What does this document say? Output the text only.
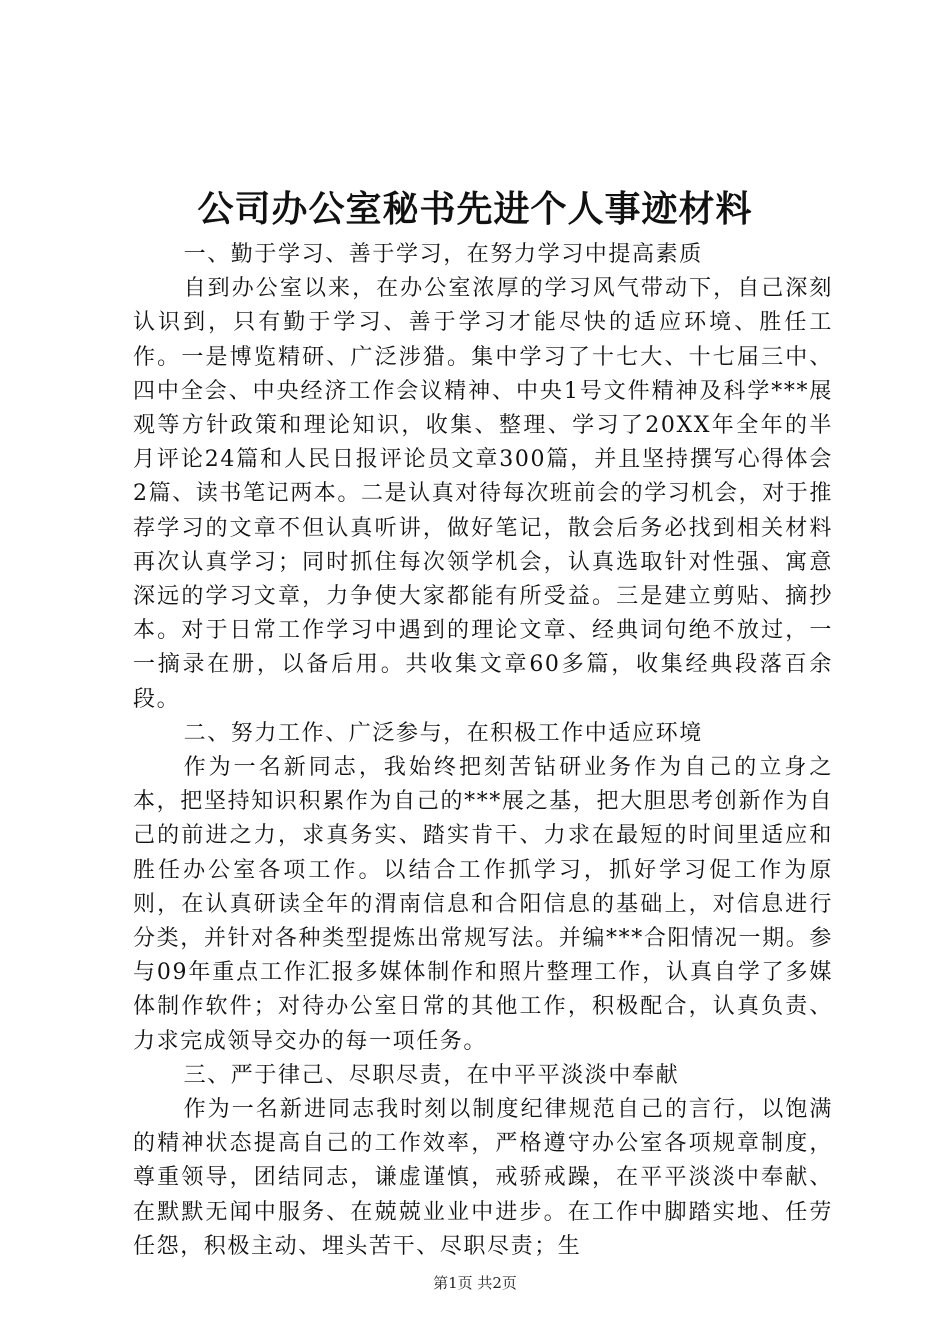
公司办公室秘书先进个人事迹材料

一、勤于学习、善于学习，在努力学习中提高素质

自到办公室以来，在办公室浓厚的学习风气带动下，自己深刻认识到，只有勤于学习、善于学习才能尽快的适应环境、胜任工作。一是博览精研、广泛涉猎。集中学习了十七大、十七届三中、四中全会、中央经济工作会议精神、中央1号文件精神及科学***展观等方针政策和理论知识，收集、整理、学习了20XX年全年的半月评论24篇和人民日报评论员文章300篇，并且坚持撰写心得体会2篇、读书笔记两本。二是认真对待每次班前会的学习机会，对于推荐学习的文章不但认真听讲，做好笔记，散会后务必找到相关材料再次认真学习；同时抓住每次领学机会，认真选取针对性强、寓意深远的学习文章，力争使大家都能有所受益。三是建立剪贴、摘抄本。对于日常工作学习中遇到的理论文章、经典词句绝不放过，一一摘录在册，以备后用。共收集文章60多篇，收集经典段落百余段。

二、努力工作、广泛参与，在积极工作中适应环境

作为一名新同志，我始终把刻苦钻研业务作为自己的立身之本，把坚持知识积累作为自己的***展之基，把大胆思考创新作为自己的前进之力，求真务实、踏实肯干、力求在最短的时间里适应和胜任办公室各项工作。以结合工作抓学习，抓好学习促工作为原则，在认真研读全年的渭南信息和合阳信息的基础上，对信息进行分类，并针对各种类型提炼出常规写法。并编***合阳情况一期。参与09年重点工作汇报多媒体制作和照片整理工作，认真自学了多媒体制作软件；对待办公室日常的其他工作，积极配合，认真负责、力求完成领导交办的每一项任务。

三、严于律己、尽职尽责，在中平平淡淡中奉献

作为一名新进同志我时刻以制度纪律规范自己的言行，以饱满的精神状态提高自己的工作效率，严格遵守办公室各项规章制度，尊重领导，团结同志，谦虚谨慎，戒骄戒躁，在平平淡淡中奉献、在默默无闻中服务、在兢兢业业中进步。在工作中脚踏实地、任劳任怨，积极主动、埋头苦干、尽职尽责；生

第1页 共2页
